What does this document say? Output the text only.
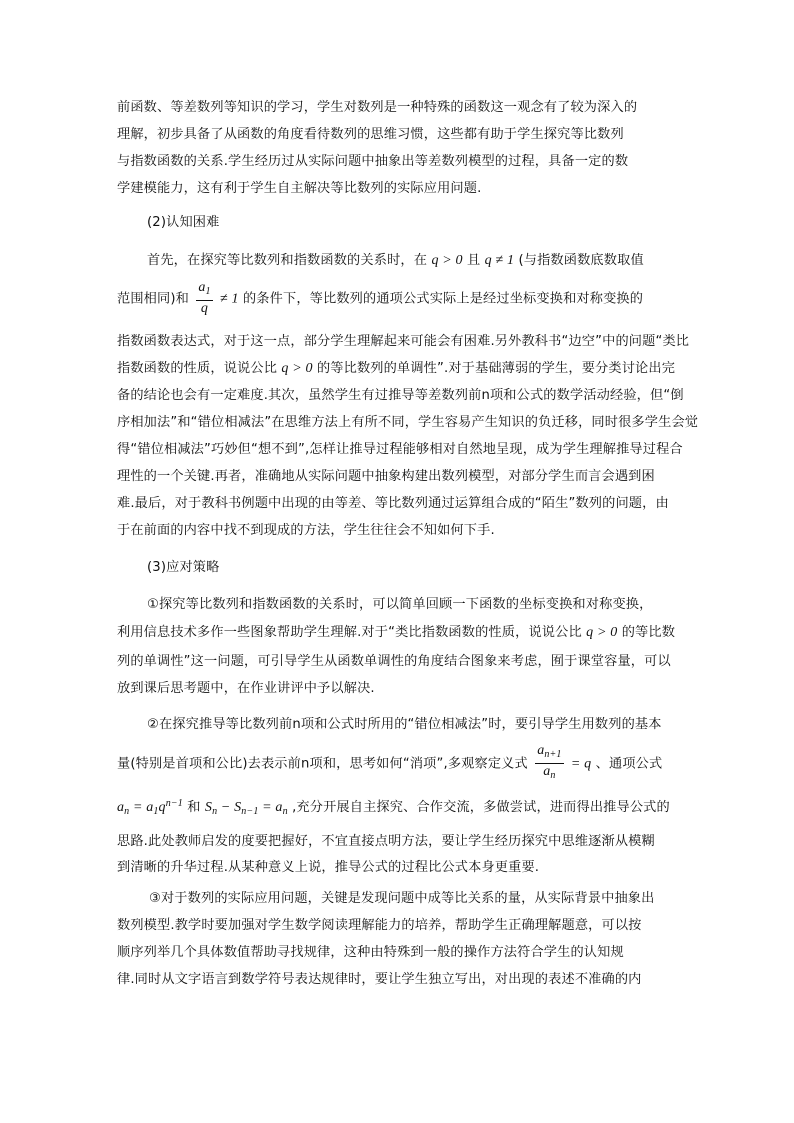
前函数、等差数列等知识的学习，学生对数列是一种特殊的函数这一观念有了较为深入的
理解，初步具备了从函数的角度看待数列的思维习惯，这些都有助于学生探究等比数列
与指数函数的关系.学生经历过从实际问题中抽象出等差数列模型的过程，具备一定的数
学建模能力，这有利于学生自主解决等比数列的实际应用问题.
(2)认知困难
首先，在探究等比数列和指数函数的关系时，在 q > 0 且 q ≠ 1 (与指数函数底数取值
范围相同)和 $\frac{a_1}{q} \ne 1$ 的条件下，等比数列的通项公式实际上是经过坐标变换和对称变换的
指数函数表达式，对于这一点，部分学生理解起来可能会有困难.另外教科书“边空”中的问题“类比
指数函数的性质，说说公比 q > 0 的等比数列的单调性”.对于基础薄弱的学生，要分类讨论出完
备的结论也会有一定难度.其次，虽然学生有过推导等差数列前n项和公式的数学活动经验，但“倒
序相加法”和“错位相减法”在思维方法上有所不同，学生容易产生知识的负迁移，同时很多学生会觉
得“错位相减法”巧妙但“想不到”,怎样让推导过程能够相对自然地呈现，成为学生理解推导过程合
理性的一个关键.再者，准确地从实际问题中抽象构建出数列模型，对部分学生而言会遇到困
难.最后，对于教科书例题中出现的由等差、等比数列通过运算组合成的“陌生”数列的问题，由
于在前面的内容中找不到现成的方法，学生往往会不知如何下手.
(3)应对策略
①探究等比数列和指数函数的关系时，可以简单回顾一下函数的坐标变换和对称变换，
利用信息技术多作一些图象帮助学生理解.对于“类比指数函数的性质，说说公比 q > 0 的等比数
列的单调性”这一问题，可引导学生从函数单调性的角度结合图象来考虑，囿于课堂容量，可以
放到课后思考题中，在作业讲评中予以解决.
②在探究推导等比数列前n项和公式时所用的“错位相减法”时，要引导学生用数列的基本
量(特别是首项和公比)去表示前n项和，思考如何“消项”,多观察定义式 $\frac{a_{n+1}}{a_n} = q$ 、通项公式
$a_n = a_1q^{n-1}$ 和 $S_n - S_{n-1} = a_n$ ,充分开展自主探究、合作交流，多做尝试，进而得出推导公式的
思路.此处教师启发的度要把握好，不宜直接点明方法，要让学生经历探究中思维逐渐从模糊
到清晰的升华过程.从某种意义上说，推导公式的过程比公式本身更重要.
③对于数列的实际应用问题，关键是发现问题中成等比关系的量，从实际背景中抽象出
数列模型.教学时要加强对学生数学阅读理解能力的培养，帮助学生正确理解题意，可以按
顺序列举几个具体数值帮助寻找规律，这种由特殊到一般的操作方法符合学生的认知规
律.同时从文字语言到数学符号表达规律时，要让学生独立写出，对出现的表述不准确的内
